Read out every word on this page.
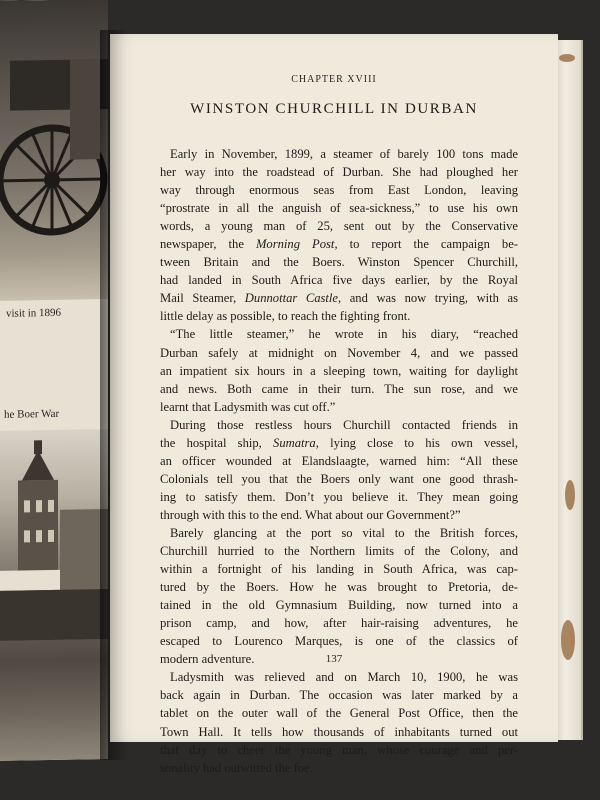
visit in 1896
he Boer War
CHAPTER XVIII
WINSTON CHURCHILL IN DURBAN
Early in November, 1899, a steamer of barely 100 tons made
her way into the roadstead of Durban. She had ploughed her
way through enormous seas from East London, leaving
“prostrate in all the anguish of sea-sickness,” to use his own
words, a young man of 25, sent out by the Conservative
newspaper, the Morning Post, to report the campaign be-
tween Britain and the Boers. Winston Spencer Churchill,
had landed in South Africa five days earlier, by the Royal
Mail Steamer, Dunnottar Castle, and was now trying, with as
little delay as possible, to reach the fighting front.
“The little steamer,” he wrote in his diary, “reached
Durban safely at midnight on November 4, and we passed
an impatient six hours in a sleeping town, waiting for daylight
and news. Both came in their turn. The sun rose, and we
learnt that Ladysmith was cut off.”
During those restless hours Churchill contacted friends in
the hospital ship, Sumatra, lying close to his own vessel,
an officer wounded at Elandslaagte, warned him: “All these
Colonials tell you that the Boers only want one good thrash-
ing to satisfy them. Don’t you believe it. They mean going
through with this to the end. What about our Government?”
Barely glancing at the port so vital to the British forces,
Churchill hurried to the Northern limits of the Colony, and
within a fortnight of his landing in South Africa, was cap-
tured by the Boers. How he was brought to Pretoria, de-
tained in the old Gymnasium Building, now turned into a
prison camp, and how, after hair-raising adventures, he
escaped to Lourenco Marques, is one of the classics of
modern adventure.
Ladysmith was relieved and on March 10, 1900, he was
back again in Durban. The occasion was later marked by a
tablet on the outer wall of the General Post Office, then the
Town Hall. It tells how thousands of inhabitants turned out
that day to cheer the young man, whose courage and per-
sonality had outwitted the foe.
137
